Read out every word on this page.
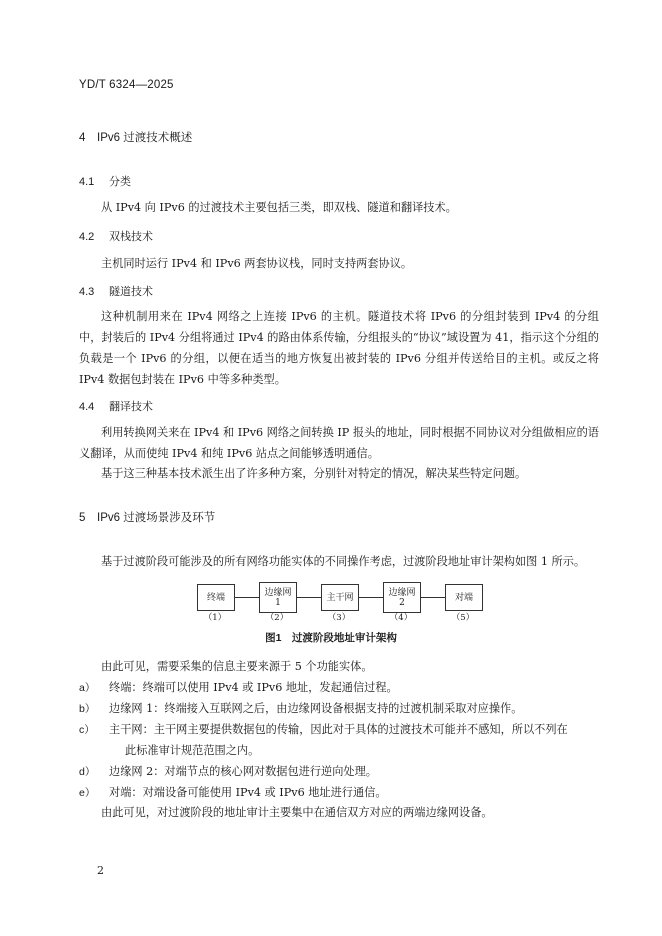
YD/T 6324—2025
4 IPv6 过渡技术概述
4.1 分类
从 IPv4 向 IPv6 的过渡技术主要包括三类，即双栈、隧道和翻译技术。
4.2 双栈技术
主机同时运行 IPv4 和 IPv6 两套协议栈，同时支持两套协议。
4.3 隧道技术
这种机制用来在 IPv4 网络之上连接 IPv6 的主机。隧道技术将 IPv6 的分组封装到 IPv4 的分组中，封装后的 IPv4 分组将通过 IPv4 的路由体系传输，分组报头的“协议”域设置为 41，指示这个分组的负载是一个 IPv6 的分组，以便在适当的地方恢复出被封装的 IPv6 分组并传送给目的主机。或反之将 IPv4 数据包封装在 IPv6 中等多种类型。
4.4 翻译技术
利用转换网关来在 IPv4 和 IPv6 网络之间转换 IP 报头的地址，同时根据不同协议对分组做相应的语义翻译，从而使纯 IPv4 和纯 IPv6 站点之间能够透明通信。
基于这三种基本技术派生出了许多种方案，分别针对特定的情况，解决某些特定问题。
5 IPv6 过渡场景涉及环节
基于过渡阶段可能涉及的所有网络功能实体的不同操作考虑，过渡阶段地址审计架构如图 1 所示。
终端	边缘网
1	主干网	边缘网
2	对端
（1）	（2）	（3）	（4）	（5）
图1　过渡阶段地址审计架构
由此可见，需要采集的信息主要来源于 5 个功能实体。
a） 终端：终端可以使用 IPv4 或 IPv6 地址，发起通信过程。
b） 边缘网 1：终端接入互联网之后，由边缘网设备根据支持的过渡机制采取对应操作。
c） 主干网：主干网主要提供数据包的传输，因此对于具体的过渡技术可能并不感知，所以不列在
此标准审计规范范围之内。
d） 边缘网 2：对端节点的核心网对数据包进行逆向处理。
e） 对端：对端设备可能使用 IPv4 或 IPv6 地址进行通信。
由此可见，对过渡阶段的地址审计主要集中在通信双方对应的两端边缘网设备。
2
